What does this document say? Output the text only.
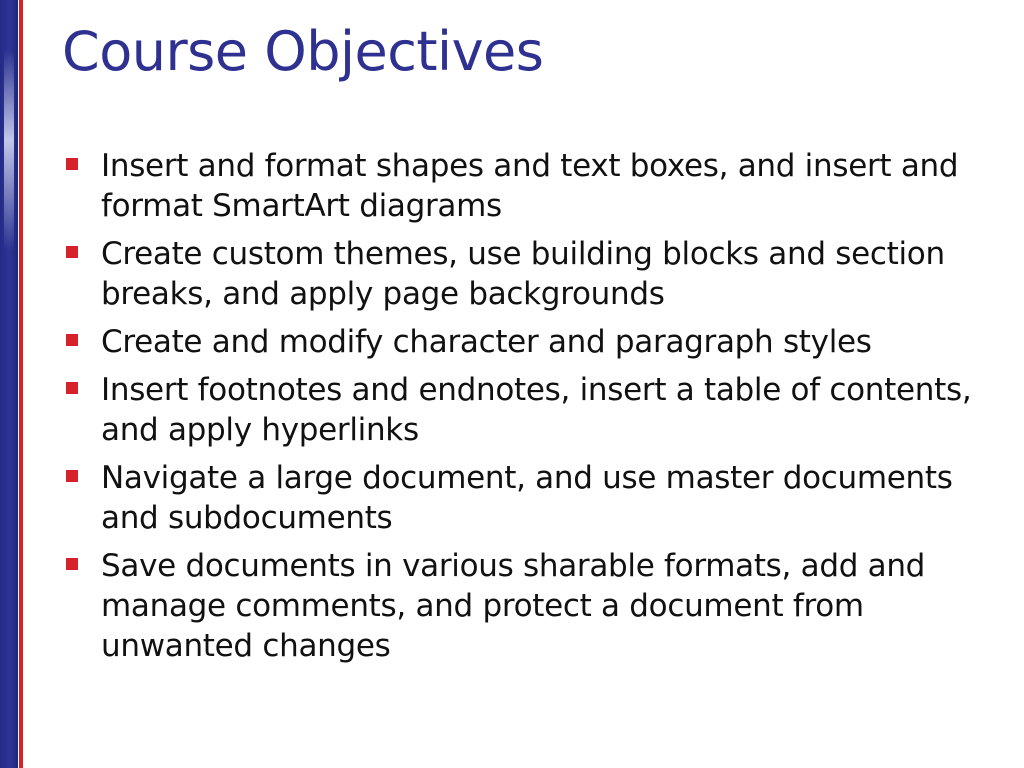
Course Objectives
Insert and format shapes and text boxes, and insert and format SmartArt diagrams
Create custom themes, use building blocks and section breaks, and apply page backgrounds
Create and modify character and paragraph styles
Insert footnotes and endnotes, insert a table of contents, and apply hyperlinks
Navigate a large document, and use master documents and subdocuments
Save documents in various sharable formats, add and manage comments, and protect a document from unwanted changes
